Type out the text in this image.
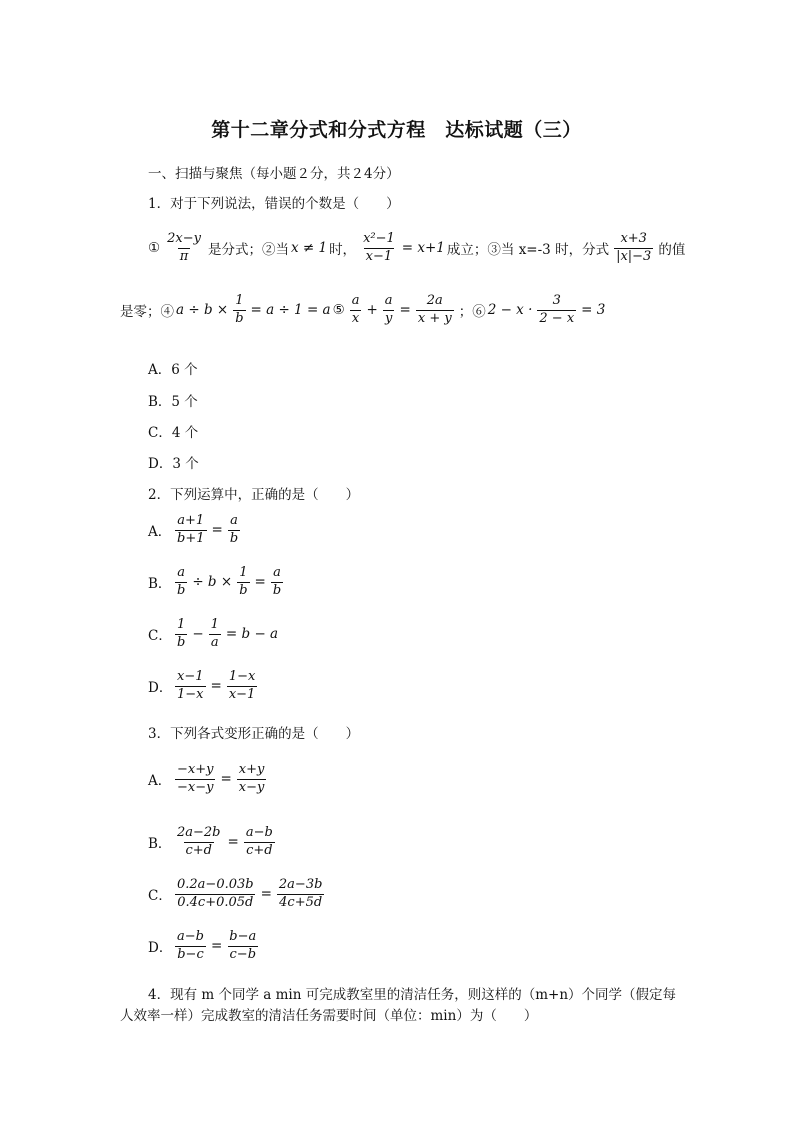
第十二章分式和分式方程　达标试题（三）
一、扫描与聚焦（每小题２分，共２4分）
1．对于下列说法，错误的个数是（　　）
① $\frac{2x-y}{\pi}$ 是分式；②当 x ≠ 1 时， $\frac{\text{x²−1}}{x-1} = x+1$ 成立；③当 x=-3 时，分式 $\frac{x+3}{|x|-3}$ 的值
是零；④ $a \div b \times \frac{1}{b} = a \div 1 = a$ ⑤ $\frac{a}{x} + \frac{a}{y} = \frac{2a}{x + y}$ ；⑥ $2 - x \cdot \frac{3}{2 - x} = 3$
A．6 个
B．5 个
C．4 个
D．3 个
2．下列运算中，正确的是（　　）
A． $\frac{a+1}{b+1} = \frac{a}{b}$
B． $\frac{a}{b} \div b \times \frac{1}{b} = \frac{a}{b}$
C． $\frac{1}{b} - \frac{1}{a} = b - a$
D． $\frac{x-1}{1-x} = \frac{1-x}{x-1}$
3．下列各式变形正确的是（　　）
A． $\frac{-x+y}{-x-y} = \frac{x+y}{x-y}$
B． $\frac{2a-2b}{c+d} = \frac{a-b}{c+d}$
C． $\frac{0.2a-0.03b}{0.4c+0.05d} = \frac{2a-3b}{4c+5d}$
D． $\frac{a-b}{b-c} = \frac{b-a}{c-b}$
4．现有 m 个同学 a min 可完成教室里的清洁任务，则这样的（m+n）个同学（假定每
人效率一样）完成教室的清洁任务需要时间（单位：min）为（　　）
